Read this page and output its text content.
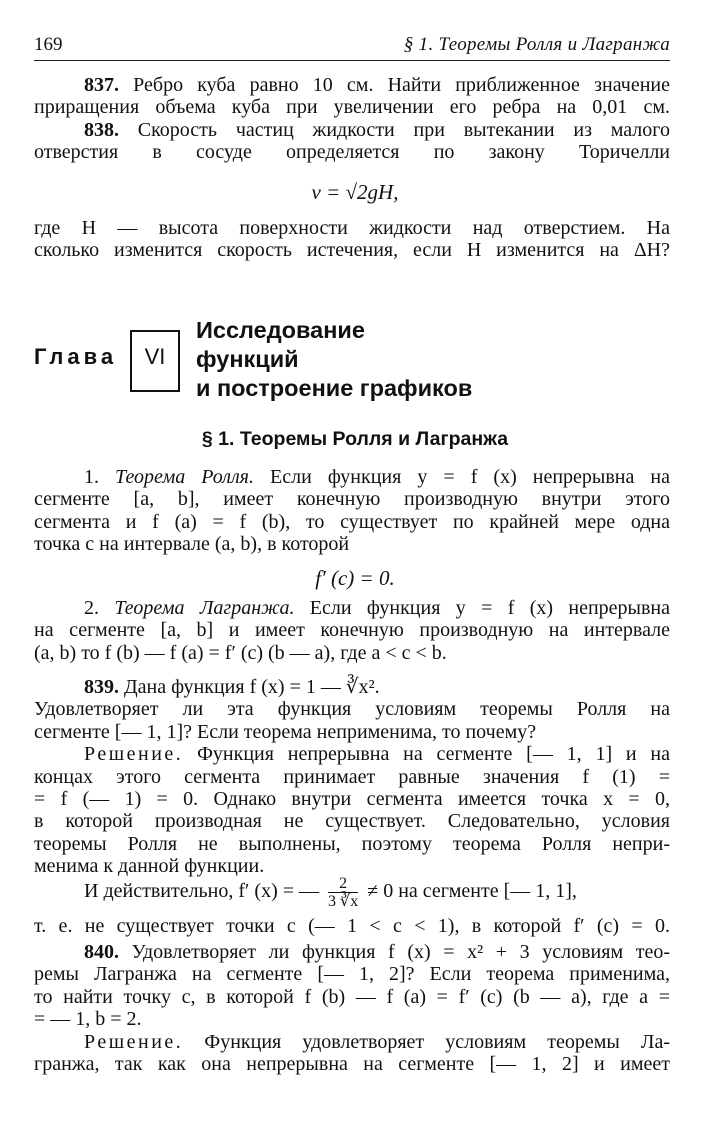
169	§ 1. Теоремы Ролля и Лагранжа
837. Ребро куба равно 10 см. Найти приближенное значение
приращения объема куба при увеличении его ребра на 0,01 см.
838. Скорость частиц жидкости при вытекании из малого
отверстия в сосуде определяется по закону Торичелли
v = √2gH,
где H — высота поверхности жидкости над отверстием. На
сколько изменится скорость истечения, если H изменится на ΔH?
Глава	VI
Исследование
функций
и построение графиков
§ 1. Теоремы Ролля и Лагранжа
1. Теорема Ролля. Если функция y = f (x) непрерывна на
сегменте [a, b], имеет конечную производную внутри этого
сегмента и f (a) = f (b), то существует по крайней мере одна
точка c на интервале (a, b), в которой
f′ (c) = 0.
2. Теорема Лагранжа. Если функция y = f (x) непрерывна
на сегменте [a, b] и имеет конечную производную на интервале
(a, b) то f (b) — f (a) = f′ (c) (b — a), где a < c < b.
839. Дана функция f (x) = 1 — ∛x².
Удовлетворяет ли эта функция условиям теоремы Ролля на
сегменте [— 1, 1]? Если теорема неприменима, то почему?
Решение. Функция непрерывна на сегменте [— 1, 1] и на
концах этого сегмента принимает равные значения f (1) =
= f (— 1) = 0. Однако внутри сегмента имеется точка x = 0,
в которой производная не существует. Следовательно, условия
теоремы Ролля не выполнены, поэтому теорема Ролля непри-
менима к данной функции.
И действительно, f′ (x) = — $\frac{2}{3 ∛x} \ne 0$ на сегменте [— 1, 1],
т. е. не существует точки c (— 1 < c < 1), в которой f′ (c) = 0.
840. Удовлетворяет ли функция f (x) = x² + 3 условиям тео-
ремы Лагранжа на сегменте [— 1, 2]? Если теорема применима,
то найти точку c, в которой f (b) — f (a) = f′ (c) (b — a), где a =
= — 1, b = 2.
Решение. Функция удовлетворяет условиям теоремы Ла-
гранжа, так как она непрерывна на сегменте [— 1, 2] и имеет
